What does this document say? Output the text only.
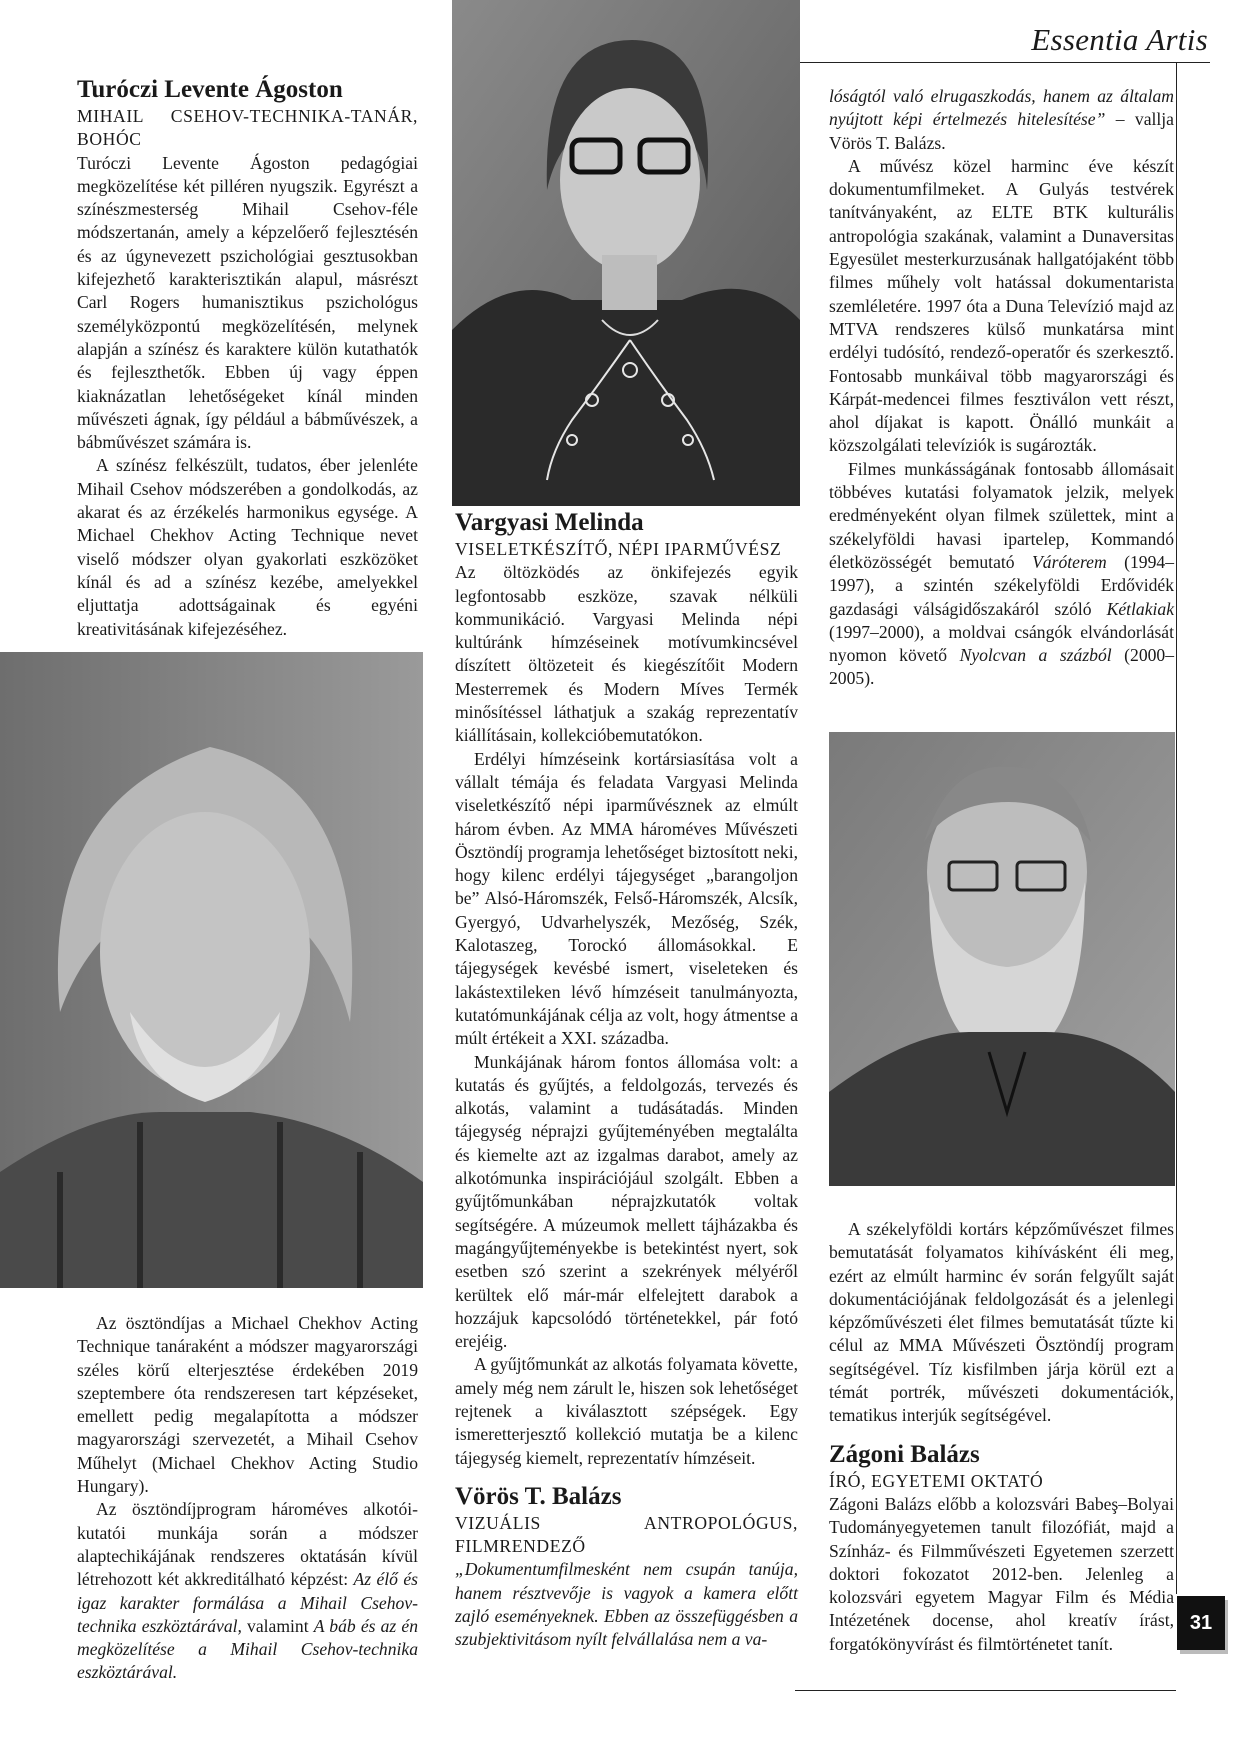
Essentia Artis

Turóczi Levente Ágoston

MIHAIL CSEHOV-TECHNIKA-TANÁR, BOHÓC

Turóczi Levente Ágoston pedagógiai megközelítése két pilléren nyugszik. Egyrészt a színészmesterség Mihail Csehov-féle módszertanán, amely a képzelőerő fejlesztésén és az úgynevezett pszichológiai gesztusokban kifejezhető karakterisztikán alapul, másrészt Carl Rogers humanisztikus pszichológus személyközpontú megközelítésén, melynek alapján a színész és karaktere külön kutathatók és fejleszthetők. Ebben új vagy éppen kiaknázatlan lehetőségeket kínál minden művészeti ágnak, így például a bábművészek, a bábművészet számára is.

A színész felkészült, tudatos, éber jelenléte Mihail Csehov módszerében a gondolkodás, az akarat és az érzékelés harmonikus egysége. A Michael Chekhov Acting Technique nevet viselő módszer olyan gyakorlati eszközöket kínál és ad a színész kezébe, amelyekkel eljuttatja adottságainak és egyéni kreativitásának kifejezéséhez.

Az ösztöndíjas a Michael Chekhov Acting Technique tanáraként a módszer magyarországi széles körű elterjesztése érdekében 2019 szeptembere óta rendszeresen tart képzéseket, emellett pedig megalapította a módszer magyarországi szervezetét, a Mihail Csehov Műhelyt (Michael Chekhov Acting Studio Hungary).

Az ösztöndíjprogram hároméves alkotói-kutatói munkája során a módszer alaptechikájának rendszeres oktatásán kívül létrehozott két akkreditálható képzést: Az élő és igaz karakter formálása a Mihail Csehov-technika eszköztárával, valamint A báb és az én megközelítése a Mihail Csehov-technika eszköztárával.

Vargyasi Melinda

VISELETKÉSZÍTŐ, NÉPI IPARMŰVÉSZ

Az öltözködés az önkifejezés egyik legfontosabb eszköze, szavak nélküli kommunikáció. Vargyasi Melinda népi kultúránk hímzéseinek motívumkincsével díszített öltözeteit és kiegészítőit Modern Mesterremek és Modern Míves Termék minősítéssel láthatjuk a szakág reprezentatív kiállításain, kollekcióbemutatókon.

Erdélyi hímzéseink kortársiasítása volt a vállalt témája és feladata Vargyasi Melinda viseletkészítő népi iparművésznek az elmúlt három évben. Az MMA hároméves Művészeti Ösztöndíj programja lehetőséget biztosított neki, hogy kilenc erdélyi tájegységet „barangoljon be” Alsó-Háromszék, Felső-Háromszék, Alcsík, Gyergyó, Udvarhelyszék, Mezőség, Szék, Kalotaszeg, Torockó állomásokkal. E tájegységek kevésbé ismert, viseleteken és lakástextileken lévő hímzéseit tanulmányozta, kutatómunkájának célja az volt, hogy átmentse a múlt értékeit a XXI. századba.

Munkájának három fontos állomása volt: a kutatás és gyűjtés, a feldolgozás, tervezés és alkotás, valamint a tudásátadás. Minden tájegység néprajzi gyűjteményében megtalálta és kiemelte azt az izgalmas darabot, amely az alkotómunka inspirációjául szolgált. Ebben a gyűjtőmunkában néprajzkutatók voltak segítségére. A múzeumok mellett tájházakba és magángyűjteményekbe is betekintést nyert, sok esetben szó szerint a szekrények mélyéről kerültek elő már-már elfelejtett darabok a hozzájuk kapcsolódó történetekkel, pár fotó erejéig.

A gyűjtőmunkát az alkotás folyamata követte, amely még nem zárult le, hiszen sok lehetőséget rejtenek a kiválasztott szépségek. Egy ismeretterjesztő kollekció mutatja be a kilenc tájegység kiemelt, reprezentatív hímzéseit.

Vörös T. Balázs

VIZUÁLIS ANTROPOLÓGUS, FILMRENDEZŐ

„Dokumentumfilmesként nem csupán tanúja, hanem résztvevője is vagyok a kamera előtt zajló eseményeknek. Ebben az összefüggésben a szubjektivitásom nyílt felvállalása nem a va-

lóságtól való elrugaszkodás, hanem az általam nyújtott képi értelmezés hitelesítése” – vallja Vörös T. Balázs.

A művész közel harminc éve készít dokumentumfilmeket. A Gulyás testvérek tanítványaként, az ELTE BTK kulturális antropológia szakának, valamint a Dunaversitas Egyesület mesterkurzusának hallgatójaként több filmes műhely volt hatással dokumentarista szemléletére. 1997 óta a Duna Televízió majd az MTVA rendszeres külső munkatársa mint erdélyi tudósító, rendező-operatőr és szerkesztő. Fontosabb munkáival több magyarországi és Kárpát-medencei filmes fesztiválon vett részt, ahol díjakat is kapott. Önálló munkáit a közszolgálati televíziók is sugározták.

Filmes munkásságának fontosabb állomásait többéves kutatási folyamatok jelzik, melyek eredményeként olyan filmek születtek, mint a székelyföldi havasi ipartelep, Kommandó életközösségét bemutató Váróterem (1994–1997), a szintén székelyföldi Erdővidék gazdasági válságidőszakáról szóló Kétlakiak (1997–2000), a moldvai csángók elvándorlását nyomon követő Nyolcvan a százból (2000–2005).

A székelyföldi kortárs képzőművészet filmes bemutatását folyamatos kihívásként éli meg, ezért az elmúlt harminc év során felgyűlt saját dokumentációjának feldolgozását és a jelenlegi képzőművészeti élet filmes bemutatását tűzte ki célul az MMA Művészeti Ösztöndíj program segítségével. Tíz kisfilmben járja körül ezt a témát portrék, művészeti dokumentációk, tematikus interjúk segítségével.

Zágoni Balázs

ÍRÓ, EGYETEMI OKTATÓ

Zágoni Balázs előbb a kolozsvári Babeş–Bolyai Tudományegyetemen tanult filozófiát, majd a Színház- és Filmművészeti Egyetemen szerzett doktori fokozatot 2012-ben. Jelenleg a kolozsvári egyetem Magyar Film és Média Intézetének docense, ahol kreatív írást, forgatókönyvírást és filmtörténetet tanít.

31
